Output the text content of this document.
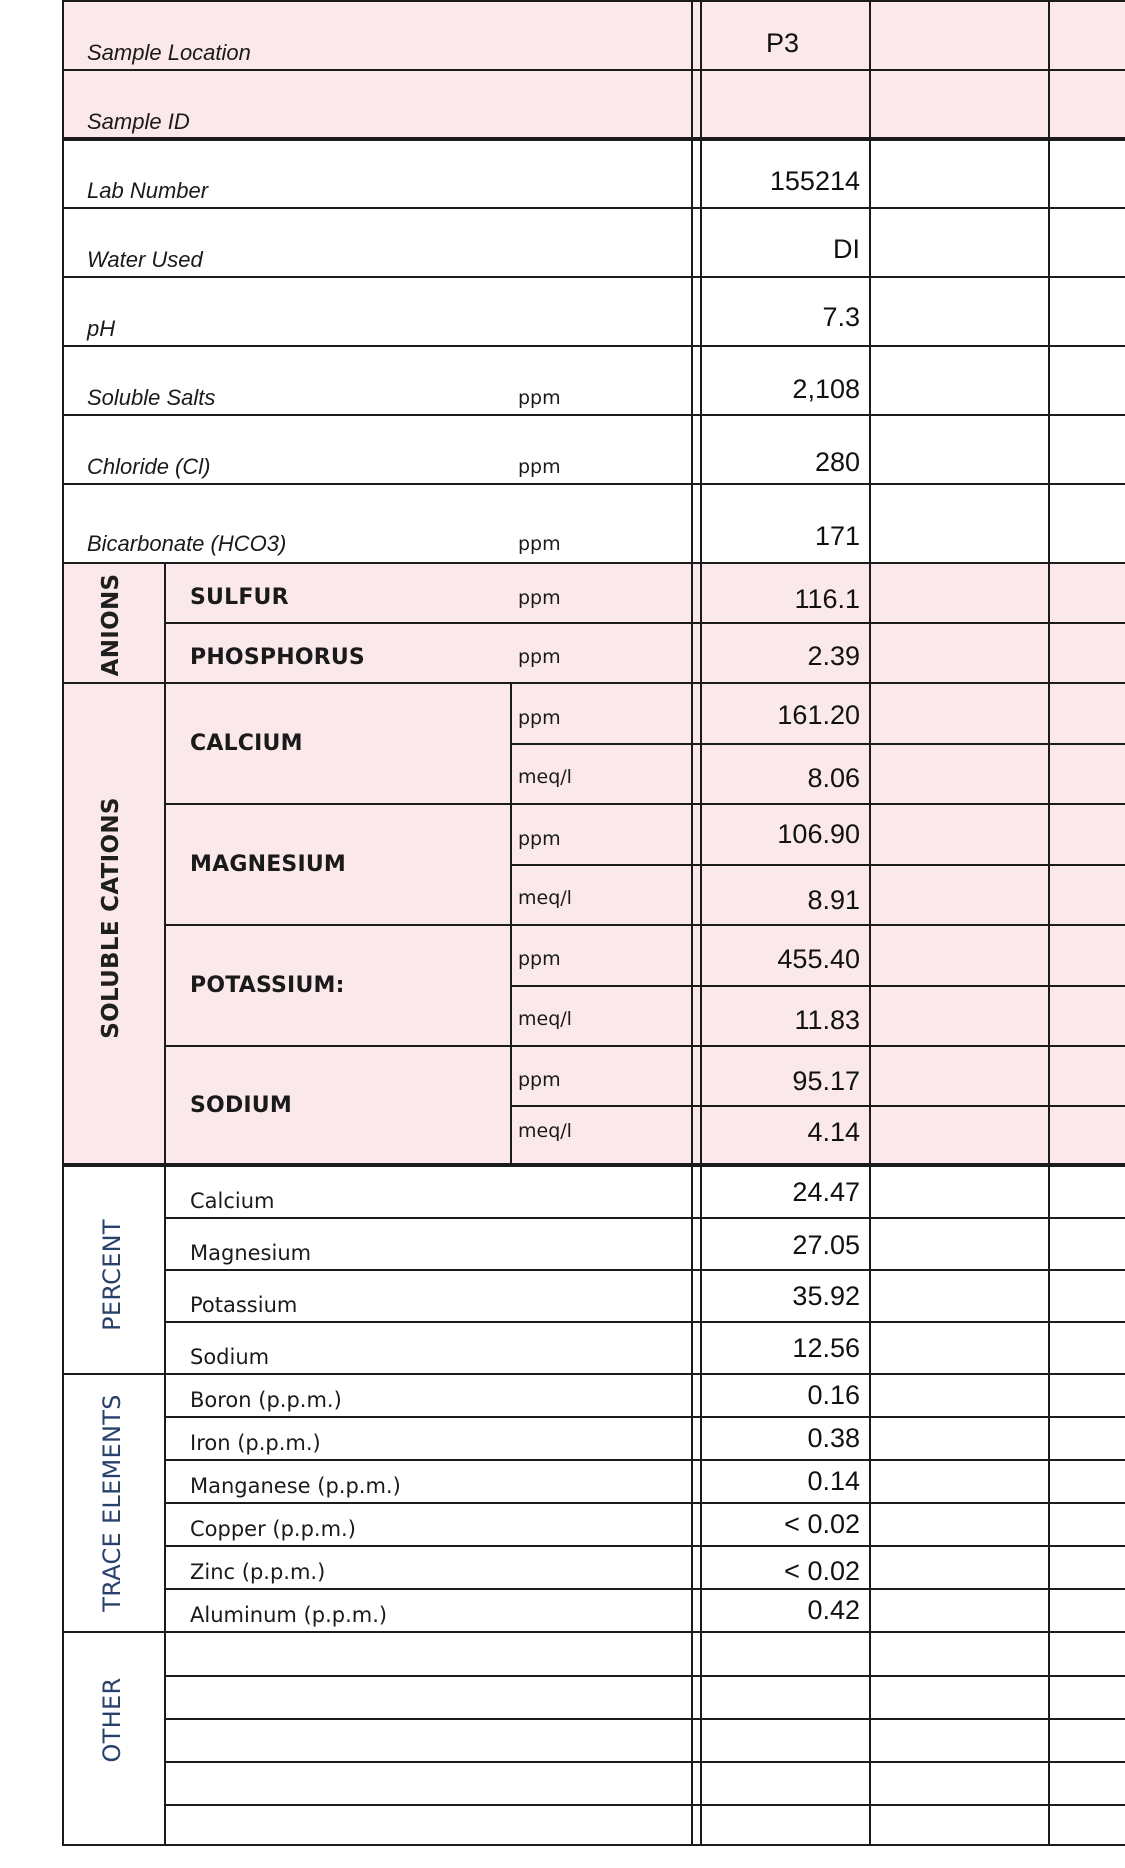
Sample Location	P3
Sample ID
Lab Number	155214
Water Used	DI
pH	7.3
Soluble Salts	ppm	2,108
Chloride (Cl)	ppm	280
Bicarbonate (HCO3)	ppm	171
ANIONS	SULFUR	ppm	116.1
PHOSPHORUS	ppm	2.39
SOLUBLE CATIONS
CALCIUM
ppm	161.20
meq/l	8.06
MAGNESIUM
ppm	106.90
meq/l	8.91
POTASSIUM:
ppm	455.40
meq/l	11.83
SODIUM
ppm	95.17
meq/l	4.14
PERCENT
Calcium	24.47
Magnesium	27.05
Potassium	35.92
Sodium	12.56
TRACE ELEMENTS	Boron (p.p.m.)	0.16
Iron (p.p.m.)	0.38
Manganese (p.p.m.)	0.14
Copper (p.p.m.)	< 0.02
Zinc (p.p.m.)	< 0.02
Aluminum (p.p.m.)	0.42
OTHER
